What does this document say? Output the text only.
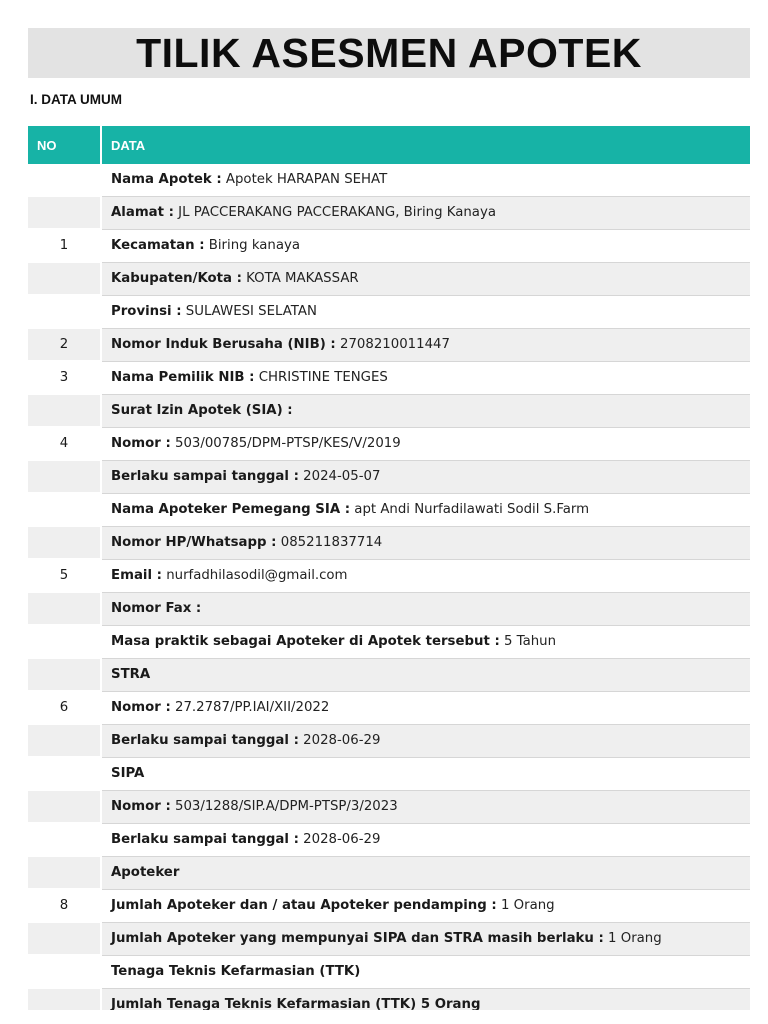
TILIK ASESMEN APOTEK
I. DATA UMUM
NO	DATA
	Nama Apotek : Apotek HARAPAN SEHAT
	Alamat : JL PACCERAKANG PACCERAKANG, Biring Kanaya
1	Kecamatan : Biring kanaya
	Kabupaten/Kota : KOTA MAKASSAR
	Provinsi : SULAWESI SELATAN
2	Nomor Induk Berusaha (NIB) : 2708210011447
3	Nama Pemilik NIB : CHRISTINE TENGES
	Surat Izin Apotek (SIA) :
4	Nomor : 503/00785/DPM-PTSP/KES/V/2019
	Berlaku sampai tanggal : 2024-05-07
	Nama Apoteker Pemegang SIA : apt Andi Nurfadilawati Sodil S.Farm
	Nomor HP/Whatsapp : 085211837714
5	Email : nurfadhilasodil@gmail.com
	Nomor Fax :
	Masa praktik sebagai Apoteker di Apotek tersebut : 5 Tahun
	STRA
6	Nomor : 27.2787/PP.IAI/XII/2022
	Berlaku sampai tanggal : 2028-06-29
	SIPA
	Nomor : 503/1288/SIP.A/DPM-PTSP/3/2023
	Berlaku sampai tanggal : 2028-06-29
	Apoteker
8	Jumlah Apoteker dan / atau Apoteker pendamping : 1 Orang
	Jumlah Apoteker yang mempunyai SIPA dan STRA masih berlaku : 1 Orang
	Tenaga Teknis Kefarmasian (TTK)
	Jumlah Tenaga Teknis Kefarmasian (TTK) 5 Orang
